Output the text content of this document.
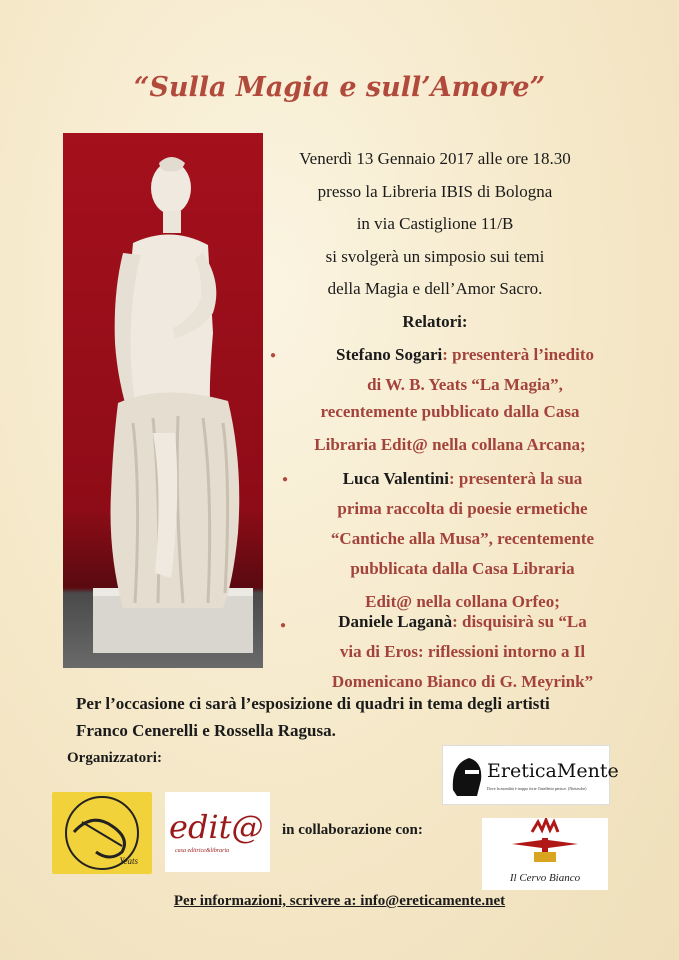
“Sulla Magia e sull’Amore”

Venerdì 13 Gennaio 2017 alle ore 18.30

presso la Libreria IBIS di Bologna

in via Castiglione 11/B

si svolgerà un simposio sui temi

della Magia e dell’Amor Sacro.

Relatori:

●	Stefano Sogari: presenterà l’inedito
di W. B. Yeats “La Magia”,
recentemente pubblicato dalla Casa
Libraria Edit@ nella collana Arcana;
●	Luca Valentini: presenterà la sua
prima raccolta di poesie ermetiche
“Cantiche alla Musa”, recentemente
pubblicata dalla Casa Libraria
Edit@ nella collana Orfeo;
●	Daniele Laganà: disquisirà su “La
via di Eros: riflessioni intorno a Il
Domenicano Bianco di G. Meyrink”
Per l’occasione ci sarà l’esposizione di quadri in tema degli artisti
Franco Cenerelli e Rossella Ragusa.
Organizzatori:
Yeats
edit@
casa editrice&libraria
in collaborazione con:
EreticaMente
Dove la moralità è troppo forte l'intelletto perisce. (Nietzsche)
Il Cervo Bianco
Per informazioni, scrivere a: info@ereticamente.net
